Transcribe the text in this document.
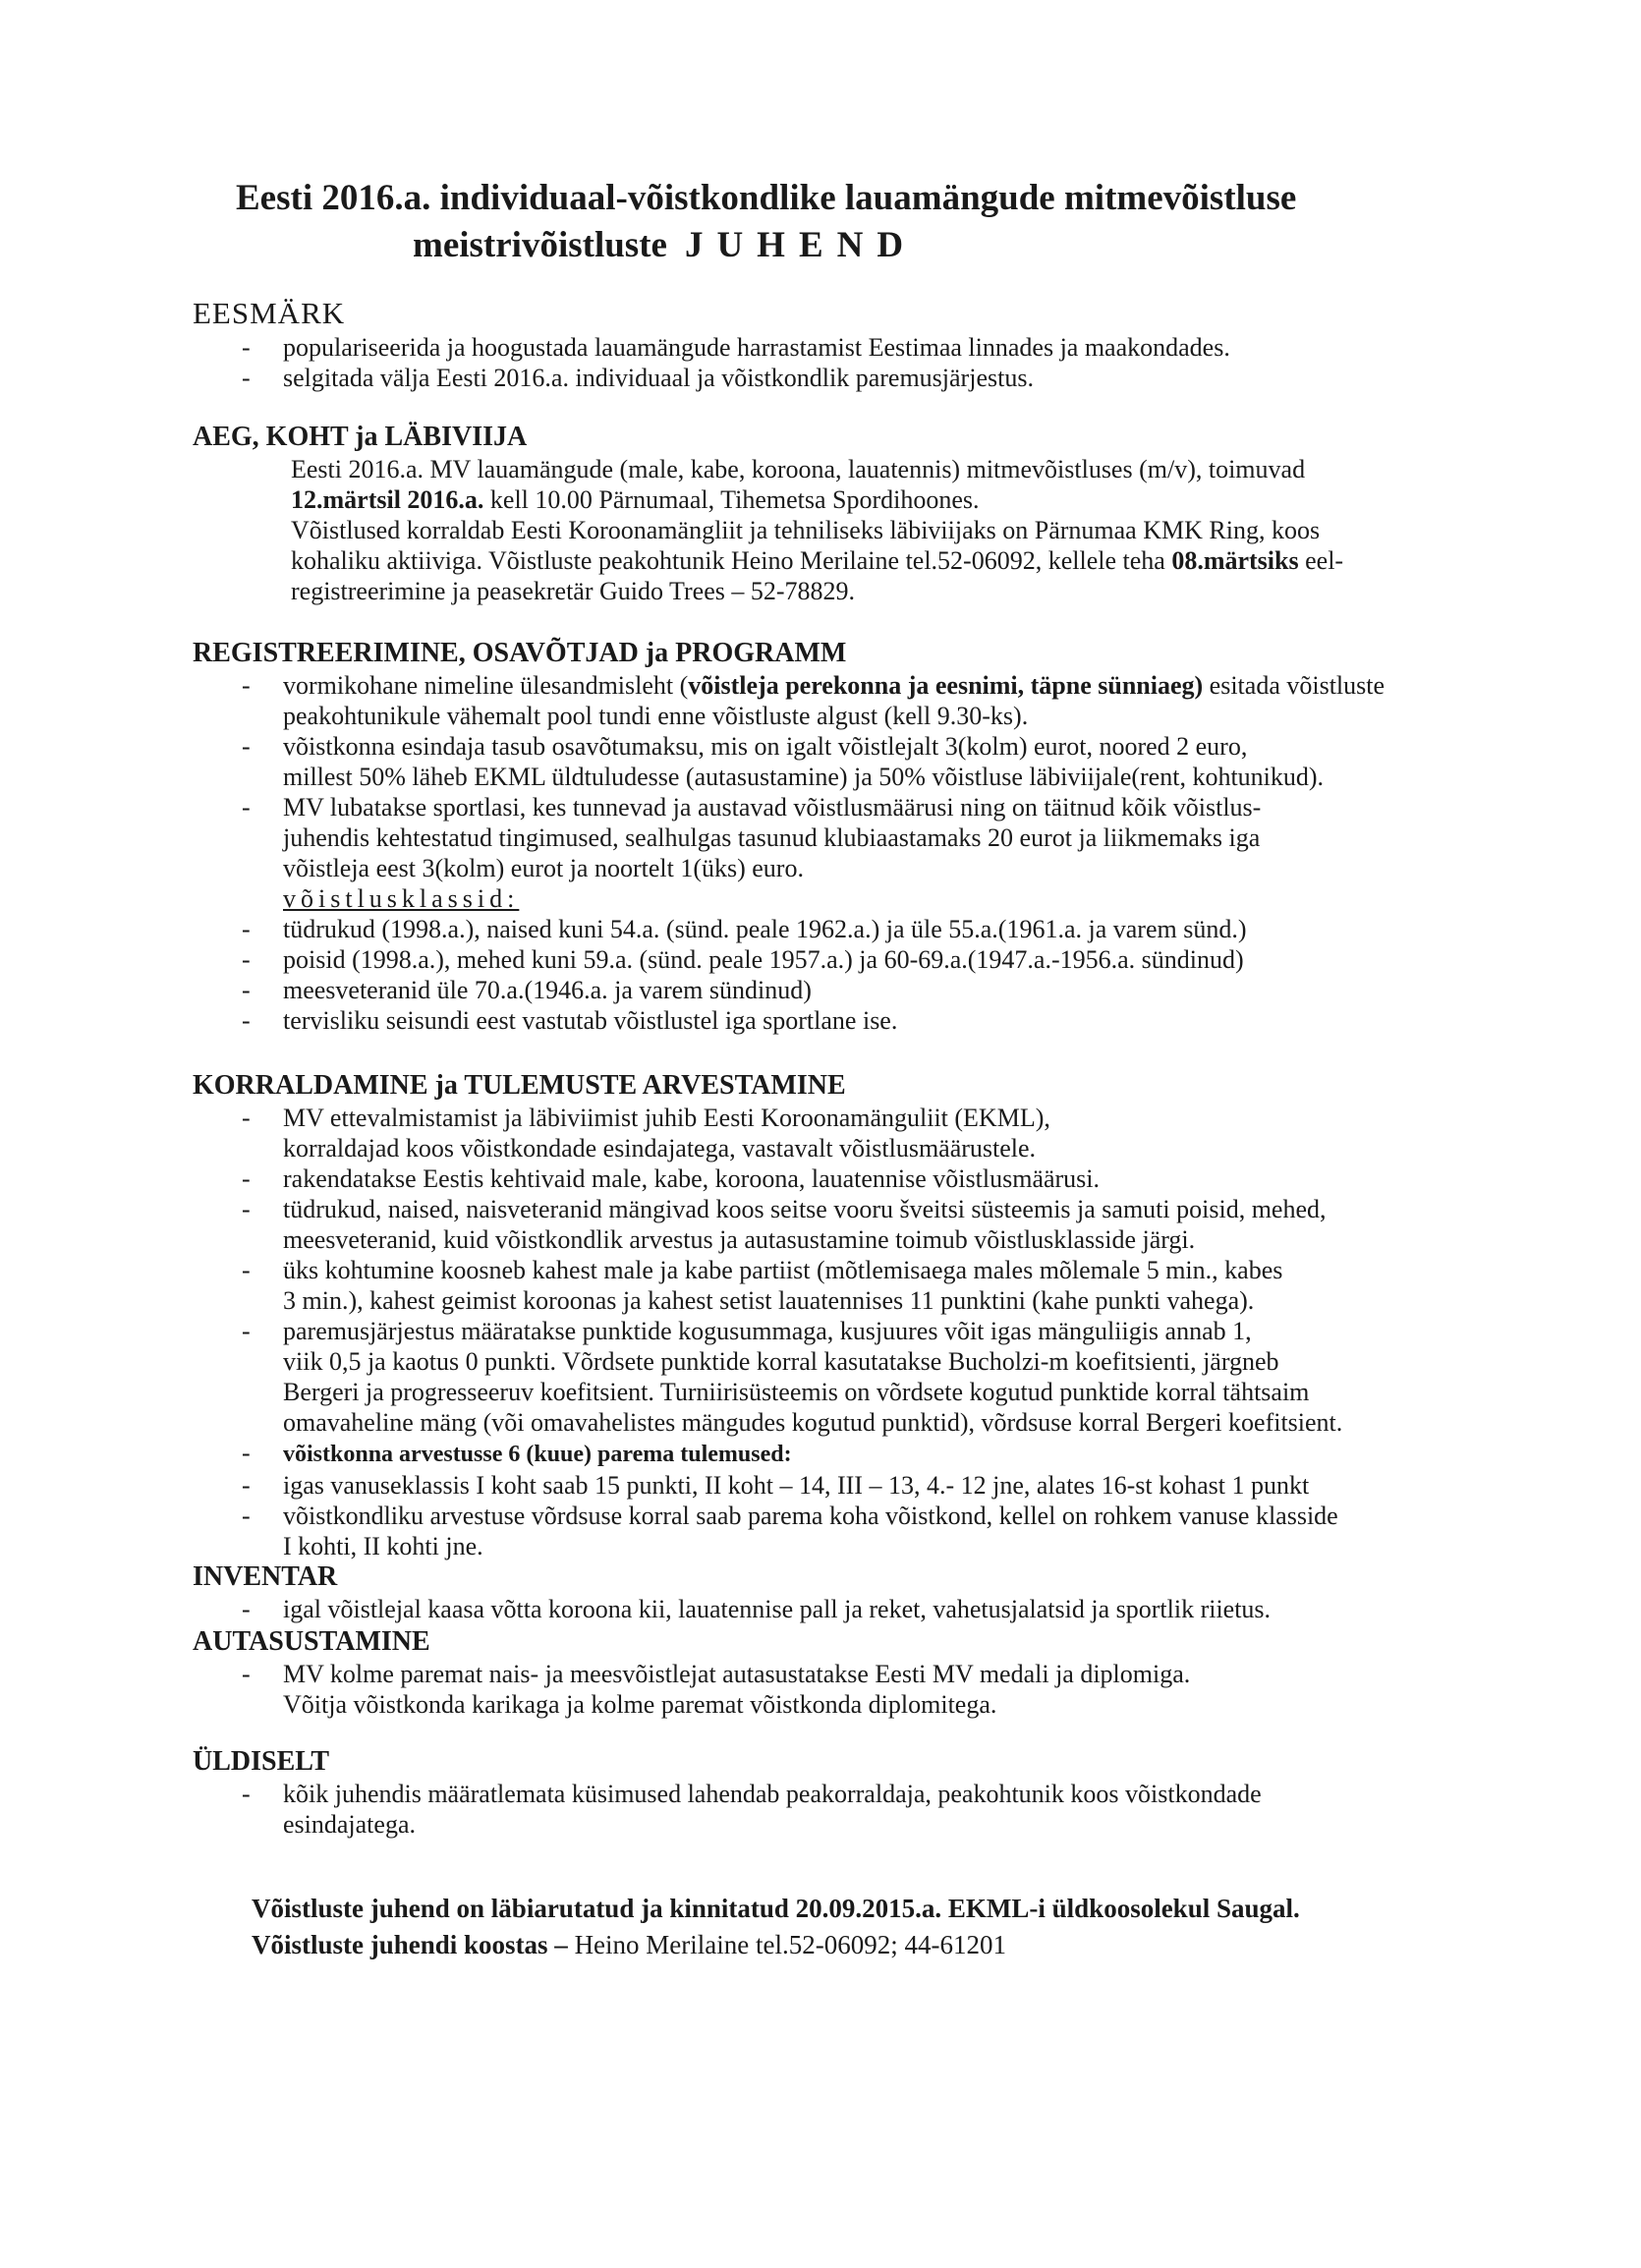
Eesti 2016.a. individuaal-võistkondlike lauamängude mitmevõistluse
meistrivõistluste JUHEND
EESMÄRK
- populariseerida ja hoogustada lauamängude harrastamist Eestimaa linnades ja maakondades.
- selgitada välja Eesti 2016.a. individuaal ja võistkondlik paremusjärjestus.
AEG, KOHT ja LÄBIVIIJA
Eesti 2016.a. MV lauamängude (male, kabe, koroona, lauatennis) mitmevõistluses (m/v), toimuvad
12.märtsil 2016.a. kell 10.00 Pärnumaal, Tihemetsa Spordihoones.
Võistlused korraldab Eesti Koroonamängliit ja tehniliseks läbiviijaks on Pärnumaa KMK Ring, koos
kohaliku aktiiviga. Võistluste peakohtunik Heino Merilaine tel.52-06092, kellele teha 08.märtsiks eel-
registreerimine ja peasekretär Guido Trees – 52-78829.
REGISTREERIMINE, OSAVÕTJAD ja PROGRAMM
- vormikohane nimeline ülesandmisleht (võistleja perekonna ja eesnimi, täpne sünniaeg) esitada võistluste
peakohtunikule vähemalt pool tundi enne võistluste algust (kell 9.30-ks).
- võistkonna esindaja tasub osavõtumaksu, mis on igalt võistlejalt 3(kolm) eurot, noored 2 euro,
millest 50% läheb EKML üldtuludesse (autasustamine) ja 50% võistluse läbiviijale(rent, kohtunikud).
- MV lubatakse sportlasi, kes tunnevad ja austavad võistlusmäärusi ning on täitnud kõik võistlus-
juhendis kehtestatud tingimused, sealhulgas tasunud klubiaastamaks 20 eurot ja liikmemaks iga
võistleja eest 3(kolm) eurot ja noortelt 1(üks) euro.
võistlusklassid:
- tüdrukud (1998.a.), naised kuni 54.a. (sünd. peale 1962.a.) ja üle 55.a.(1961.a. ja varem sünd.)
- poisid (1998.a.), mehed kuni 59.a. (sünd. peale 1957.a.) ja 60-69.a.(1947.a.-1956.a. sündinud)
- meesveteranid üle 70.a.(1946.a. ja varem sündinud)
- tervisliku seisundi eest vastutab võistlustel iga sportlane ise.
KORRALDAMINE ja TULEMUSTE ARVESTAMINE
- MV ettevalmistamist ja läbiviimist juhib Eesti Koroonamänguliit (EKML),
korraldajad koos võistkondade esindajatega, vastavalt võistlusmäärustele.
- rakendatakse Eestis kehtivaid male, kabe, koroona, lauatennise võistlusmäärusi.
- tüdrukud, naised, naisveteranid mängivad koos seitse vooru šveitsi süsteemis ja samuti poisid, mehed,
meesveteranid, kuid võistkondlik arvestus ja autasustamine toimub võistlusklasside järgi.
- üks kohtumine koosneb kahest male ja kabe partiist (mõtlemisaega males mõlemale 5 min., kabes
3 min.), kahest geimist koroonas ja kahest setist lauatennises 11 punktini (kahe punkti vahega).
- paremusjärjestus määratakse punktide kogusummaga, kusjuures võit igas mänguliigis annab 1,
viik 0,5 ja kaotus 0 punkti. Võrdsete punktide korral kasutatakse Bucholzi-m koefitsienti, järgneb
Bergeri ja progresseeruv koefitsient. Turniirisüsteemis on võrdsete kogutud punktide korral tähtsaim
omavaheline mäng (või omavahelistes mängudes kogutud punktid), võrdsuse korral Bergeri koefitsient.
- võistkonna arvestusse 6 (kuue) parema tulemused:
- igas vanuseklassis I koht saab 15 punkti, II koht – 14, III – 13, 4.- 12 jne, alates 16-st kohast 1 punkt
- võistkondliku arvestuse võrdsuse korral saab parema koha võistkond, kellel on rohkem vanuse klasside
I kohti, II kohti jne.
INVENTAR
- igal võistlejal kaasa võtta koroona kii, lauatennise pall ja reket, vahetusjalatsid ja sportlik riietus.
AUTASUSTAMINE
- MV kolme paremat nais- ja meesvõistlejat autasustatakse Eesti MV medali ja diplomiga.
Võitja võistkonda karikaga ja kolme paremat võistkonda diplomitega.
ÜLDISELT
- kõik juhendis määratlemata küsimused lahendab peakorraldaja, peakohtunik koos võistkondade
esindajatega.
Võistluste juhend on läbiarutatud ja kinnitatud 20.09.2015.a. EKML-i üldkoosolekul Saugal.
Võistluste juhendi koostas – Heino Merilaine tel.52-06092; 44-61201
